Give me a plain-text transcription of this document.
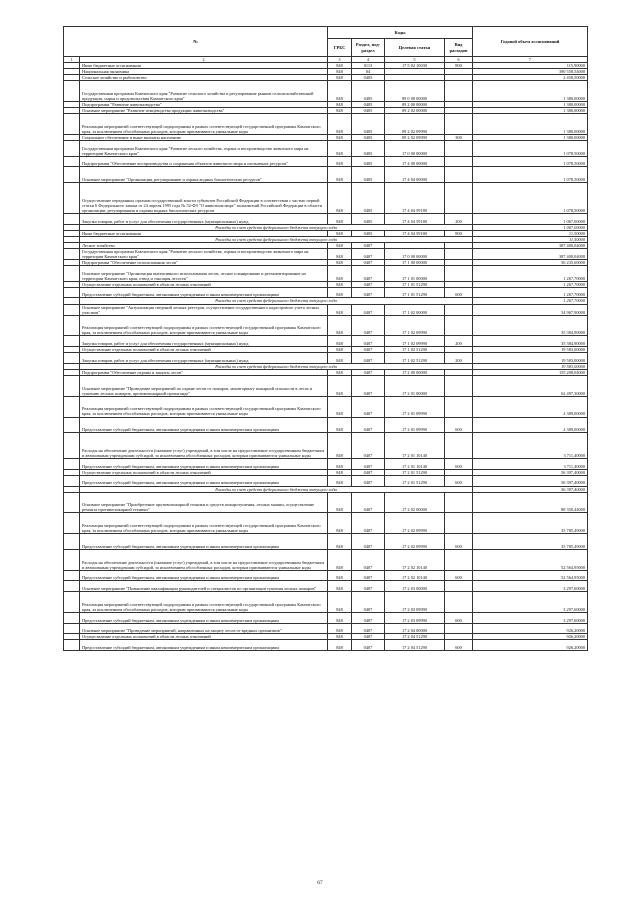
№		Коды				Годовой объем ассигнований
		ГРБС	Раздел, под-раздел	Целевая статья	Вид расходов	
1	2	3	4	5	6	7
	Иные бюджетные ассигнования	848	0113	17 5 02 10030	800	115,90000
	Национальная экономика	848	04			390 558,54000
	Сельское хозяйство и рыболовство	848	0405			2 458,50000
	Государственная программа Камчатского края "Развитие сельского хозяйства и регулирование рынков сельскохозяйственной продукции, сырья и продовольствия Камчатского края"	848	0405	09 0 00 00000		1 380,00000
	Подпрограмма "Развитие животноводства"	848	0405	09 2 00 00000		1 380,00000
	Основное мероприятие "Развитие птицеводства продукции животноводства"	848	0405	09 2 02 00000		1 380,00000
	Реализация мероприятий соответствующей подпрограммы в рамках соответствующей государственной программы Камчатского края, за исключением обособленных расходов, которым присваиваются уникальные коды	848	0405	09 2 02 09990		1 380,00000
	Социальное обеспечение и иные выплаты населению	848	0405	09 2 02 09990	300	1 380,00000
	Государственная программа Камчатского края "Развитие лесного хозяйства, охрана и воспроизводство животного мира на территории Камчатского края"	848	0405	17 0 00 00000		1 078,50000
	Подпрограмма "Обеспечение воспроизводства и сохранения объектов животного мира и охотничьих ресурсов"	848	0405	17 4 00 00000		1 078,50000
	Основное мероприятие "Организация, регулирование и охрана водных биологических ресурсов"	848	0405	17 4 04 00000		1 078,50000
	Осуществление переданных органам государственной власти субъектов Российской Федерации в соответствии с частью первой статьи 6 Федерального закона от 24 апреля 1995 года № 52-ФЗ "О животном мире" полномочий Российской Федерации в области организации, регулирования и охраны водных биологических ресурсов	848	0405	17 4 04 59180		1 078,50000
	Закупка товаров, работ и услуг для обеспечения государственных (муниципальных) нужд	848	0405	17 4 04 59180	200	1 067,00000
	Расходы за счет средств федерального бюджета текущего года					1 067,00000
	Иные бюджетные ассигнования	848	0405	17 4 04 59180	800	11,50000
	Расходы за счет средств федерального бюджета текущего года					11,50000
	Лесное хозяйство	848	0407			387 400,04000
	Государственная программа Камчатского края "Развитие лесного хозяйства, охрана и воспроизводство животного мира на территории Камчатского края"	848	0407	17 0 00 00000		387 400,04000
	Подпрограмма "Обеспечение использования лесов"	848	0407	17 1 00 00000		56 235,60000
	Основное мероприятие "Организация интенсивного использования лесов, лесное планирование и регламентирование на территории Камчатского края, отвод и таксация лесосек"	848	0407	17 1 01 00000		1 267,70000
	Осуществление отдельных полномочий в области лесных отношений	848	0407	17 1 01 51290		1 267,70000
	Предоставление субсидий бюджетным, автономным учреждениям и иным некоммерческим организациям	848	0407	17 1 01 51290	600	1 267,70000
	Расходы за счет средств федерального бюджета текущего года					1 267,70000
	Основное мероприятие "Актуализация сведений лесных реестров, осуществление государственного кадастрового учета лесных участков"	848	0407	17 1 02 00000		54 967,90000
	Реализация мероприятий соответствующей подпрограммы в рамках соответствующей государственной программы Камчатского края, за исключением обособленных расходов, которым присваиваются уникальные коды	848	0407	17 1 02 09990		35 384,90000
	Закупка товаров, работ и услуг для обеспечения государственных (муниципальных) нужд	848	0407	17 1 02 09990	200	35 384,90000
	Осуществление отдельных полномочий в области лесных отношений	848	0407	17 1 02 51290		19 583,00000
	Закупка товаров, работ и услуг для обеспечения государственных (муниципальных) нужд	848	0407	17 1 02 51290	200	19 583,00000
	Расходы за счет средств федерального бюджета текущего года					19 583,00000
	Подпрограмма "Обеспечение охраны и защиты лесов"	848	0407	17 2 00 00000		155 208,04000
	Основное мероприятие "Проведение мероприятий по охране лесов от пожаров, мониторингу пожарной опасности в лесах и тушению лесных пожаров, противопожарной пропаганде"	848	0407	17 2 01 00000		62 497,30000
	Реализация мероприятий соответствующей подпрограммы в рамках соответствующей государственной программы Камчатского края, за исключением обособленных расходов, которым присваиваются уникальные коды	848	0407	17 2 01 09990		2 389,00000
	Предоставление субсидий бюджетным, автономным учреждениям и иным некоммерческим организациям	848	0407	17 2 01 09990	600	2 389,00000
	Расходы на обеспечение деятельности (оказание услуг) учреждений, в том числе на предоставление государственным бюджетным и автономным учреждениям субсидий, за исключением обособленных расходов, которым присваиваются уникальные коды	848	0407	17 2 01 10140		3 711,40000
	Предоставление субсидий бюджетным, автономным учреждениям и иным некоммерческим организациям	848	0407	17 2 01 10140	600	3 711,40000
	Осуществление отдельных полномочий в области лесных отношений	848	0407	17 2 01 51290		56 397,40000
	Предоставление субсидий бюджетным, автономным учреждениям и иным некоммерческим организациям	848	0407	17 2 01 51290	600	56 397,40000
	Расходы за счет средств федерального бюджета текущего года					56 397,40000
	Основное мероприятие "Приобретение противопожарной техники и средств пожаротушения, лесных машин, осуществление ремонта противопожарной техники"	848	0407	17 2 02 00000		88 350,44000
	Реализация мероприятий соответствующей подпрограммы в рамках соответствующей государственной программы Камчатского края, за исключением обособленных расходов, которым присваиваются уникальные коды	848	0407	17 2 02 09990		35 785,49000
	Предоставление субсидий бюджетным, автономным учреждениям и иным некоммерческим организациям	848	0407	17 2 02 09990	600	35 785,49000
	Расходы на обеспечение деятельности (оказание услуг) учреждений, в том числе на предоставление государственным бюджетным и автономным учреждениям субсидий, за исключением обособленных расходов, которым присваиваются уникальные коды	848	0407	17 2 02 10140		52 564,95000
	Предоставление субсидий бюджетным, автономным учреждениям и иным некоммерческим организациям	848	0407	17 2 02 10140	600	52 564,95000
	Основное мероприятие "Повышение квалификации руководителей и специалистов по организации тушения лесных пожаров"	848	0407	17 2 03 00000		3 297,60000
	Реализация мероприятий соответствующей подпрограммы в рамках соответствующей государственной программы Камчатского края, за исключением обособленных расходов, которым присваиваются уникальные коды	848	0407	17 2 03 09990		3 297,60000
	Предоставление субсидий бюджетным, автономным учреждениям и иным некоммерческим организациям	848	0407	17 2 03 09990	600	3 297,60000
	Основное мероприятие "Проведение мероприятий, направленных на защиту лесов от вредных организмов"	848	0407	17 2 04 00000		926,20000
	Осуществление отдельных полномочий в области лесных отношений	848	0407	17 2 04 51290		926,20000
	Предоставление субсидий бюджетным, автономным учреждениям и иным некоммерческим организациям	848	0407	17 2 04 51290	600	926,20000
67
